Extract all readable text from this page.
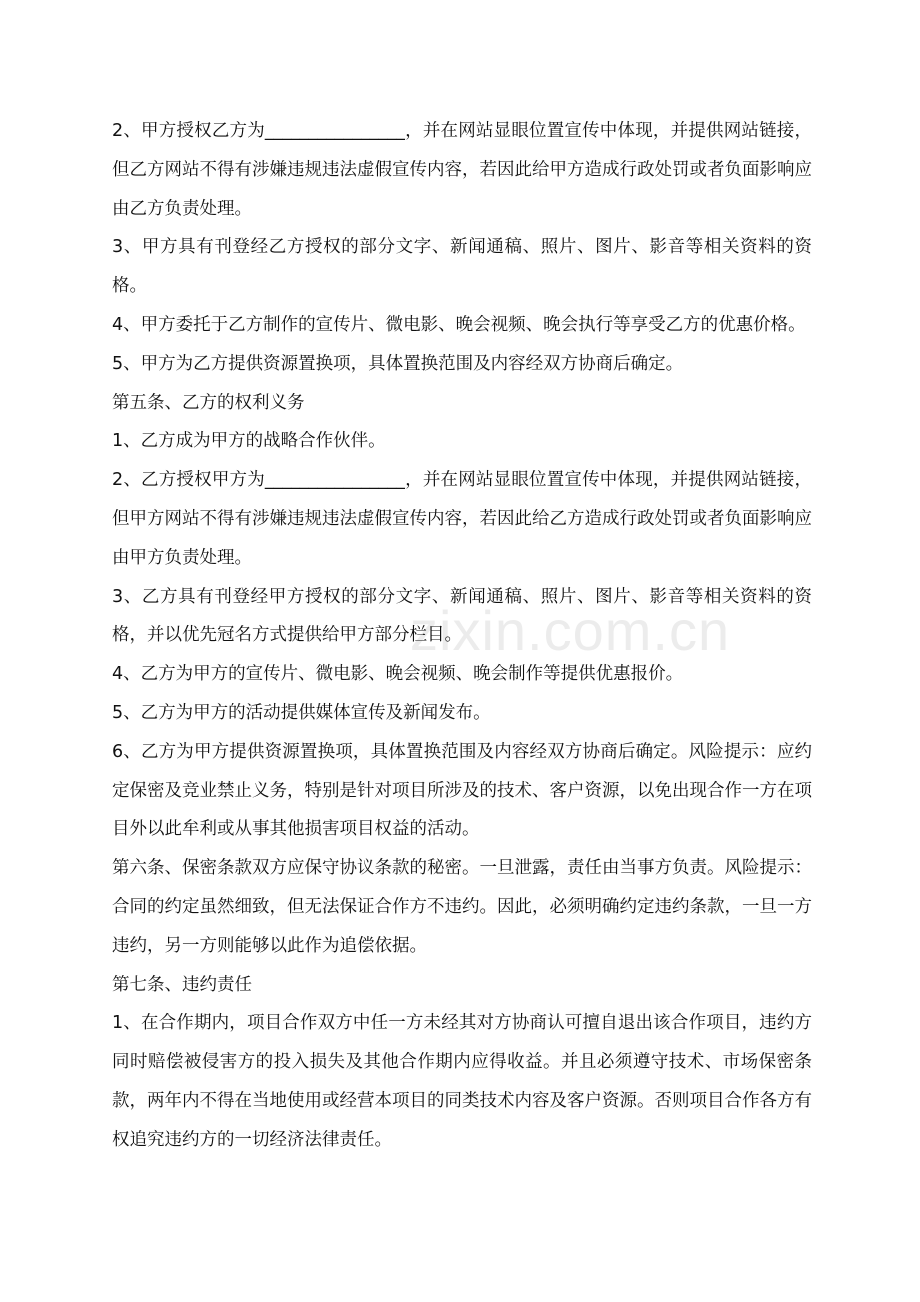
zixin.com.cn

2、甲方授权乙方为________________，并在网站显眼位置宣传中体现，并提供网站链接，但乙方网站不得有涉嫌违规违法虚假宣传内容，若因此给甲方造成行政处罚或者负面影响应由乙方负责处理。

3、甲方具有刊登经乙方授权的部分文字、新闻通稿、照片、图片、影音等相关资料的资格。

4、甲方委托于乙方制作的宣传片、微电影、晚会视频、晚会执行等享受乙方的优惠价格。

5、甲方为乙方提供资源置换项，具体置换范围及内容经双方协商后确定。

第五条、乙方的权利义务

1、乙方成为甲方的战略合作伙伴。

2、乙方授权甲方为________________，并在网站显眼位置宣传中体现，并提供网站链接，但甲方网站不得有涉嫌违规违法虚假宣传内容，若因此给乙方造成行政处罚或者负面影响应由甲方负责处理。

3、乙方具有刊登经甲方授权的部分文字、新闻通稿、照片、图片、影音等相关资料的资格，并以优先冠名方式提供给甲方部分栏目。

4、乙方为甲方的宣传片、微电影、晚会视频、晚会制作等提供优惠报价。

5、乙方为甲方的活动提供媒体宣传及新闻发布。

6、乙方为甲方提供资源置换项，具体置换范围及内容经双方协商后确定。风险提示：应约定保密及竞业禁止义务，特别是针对项目所涉及的技术、客户资源，以免出现合作一方在项目外以此牟利或从事其他损害项目权益的活动。

第六条、保密条款双方应保守协议条款的秘密。一旦泄露，责任由当事方负责。风险提示：

合同的约定虽然细致，但无法保证合作方不违约。因此，必须明确约定违约条款，一旦一方违约，另一方则能够以此作为追偿依据。

第七条、违约责任

1、在合作期内，项目合作双方中任一方未经其对方协商认可擅自退出该合作项目，违约方同时赔偿被侵害方的投入损失及其他合作期内应得收益。并且必须遵守技术、市场保密条款，两年内不得在当地使用或经营本项目的同类技术内容及客户资源。否则项目合作各方有权追究违约方的一切经济法律责任。
